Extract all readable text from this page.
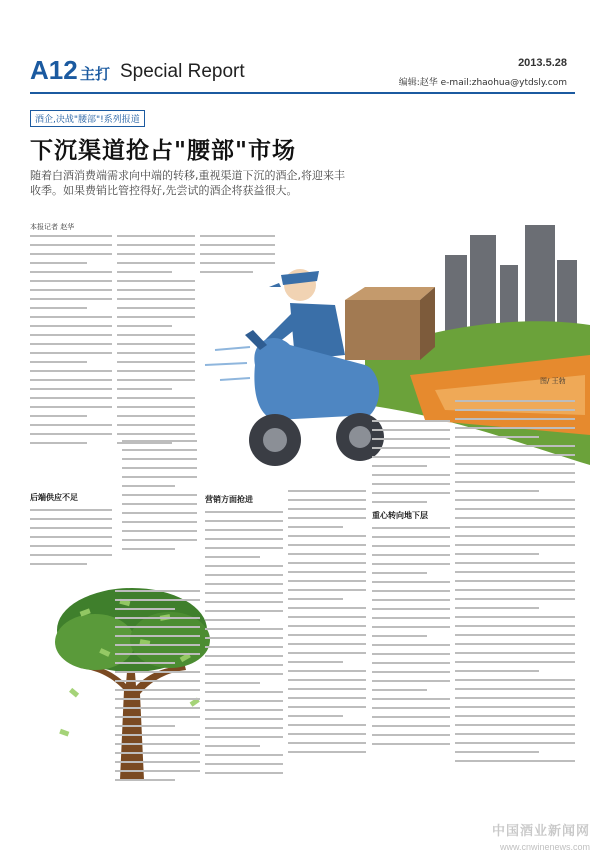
A12 主打 Special Report	2013.5.28
编辑:赵华 e-mail:zhaohua@ytdsly.com
酒企,决战"腰部"!系列报道
下沉渠道抢占"腰部"市场
随着白酒消费端需求向中端的转移,重视渠道下沉的酒企,将迎来丰收季。如果费销比管控得好,先尝试的酒企将获益很大。
本报记者 赵华
后端供应不足	营销方面抢进
重心转向地下层
图/ 王勃
中国酒业新闻网 www.cnwinenews.com
